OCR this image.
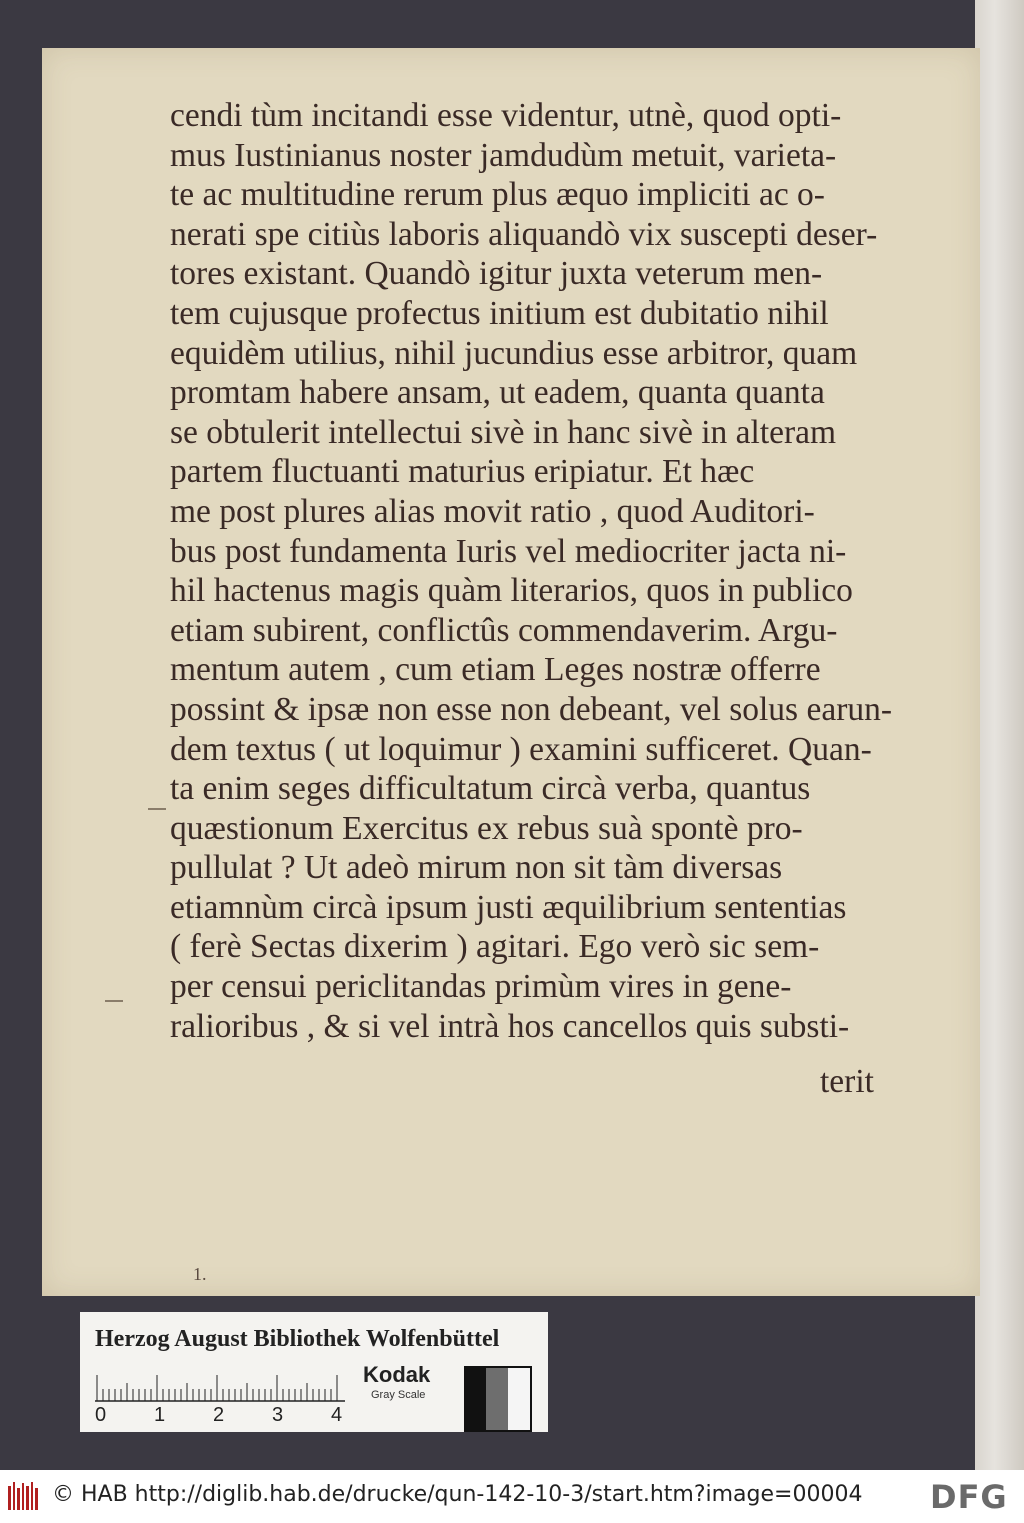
cendi tùm incitandi esse videntur, utnè, quod opti-
mus Iustinianus noster jamdudùm metuit, varieta-
te ac multitudine rerum plus æquo impliciti ac o-
nerati spe citiùs laboris aliquandò vix suscepti deser-
tores existant. Quandò igitur juxta veterum men-
tem cujusque profectus initium est dubitatio nihil
equidèm utilius, nihil jucundius esse arbitror, quam
promtam habere ansam, ut eadem, quanta quanta
se obtulerit intellectui sivè in hanc sivè in alteram
partem fluctuanti maturius eripiatur. Et hæc
me post plures alias movit ratio , quod Auditori-
bus post fundamenta Iuris vel mediocriter jacta ni-
hil hactenus magis quàm literarios, quos in publico
etiam subirent, conflictûs commendaverim. Argu-
mentum autem , cum etiam Leges nostræ offerre
possint & ipsæ non esse non debeant, vel solus earun-
dem textus ( ut loquimur ) examini sufficeret. Quan-
ta enim seges difficultatum circà verba, quantus
quæstionum Exercitus ex rebus suà spontè pro-
pullulat ? Ut adeò mirum non sit tàm diversas
etiamnùm circà ipsum justi æquilibrium sententias
( ferè Sectas dixerim ) agitari. Ego verò sic sem-
per censui periclitandas primùm vires in gene-
ralioribus , & si vel intrà hos cancellos quis substi-
terit
1.
Herzog August Bibliothek Wolfenbüttel
0 1 2 3 4
Kodak
Gray Scale
© HAB http://diglib.hab.de/drucke/qun-142-10-3/start.htm?image=00004 DFG
